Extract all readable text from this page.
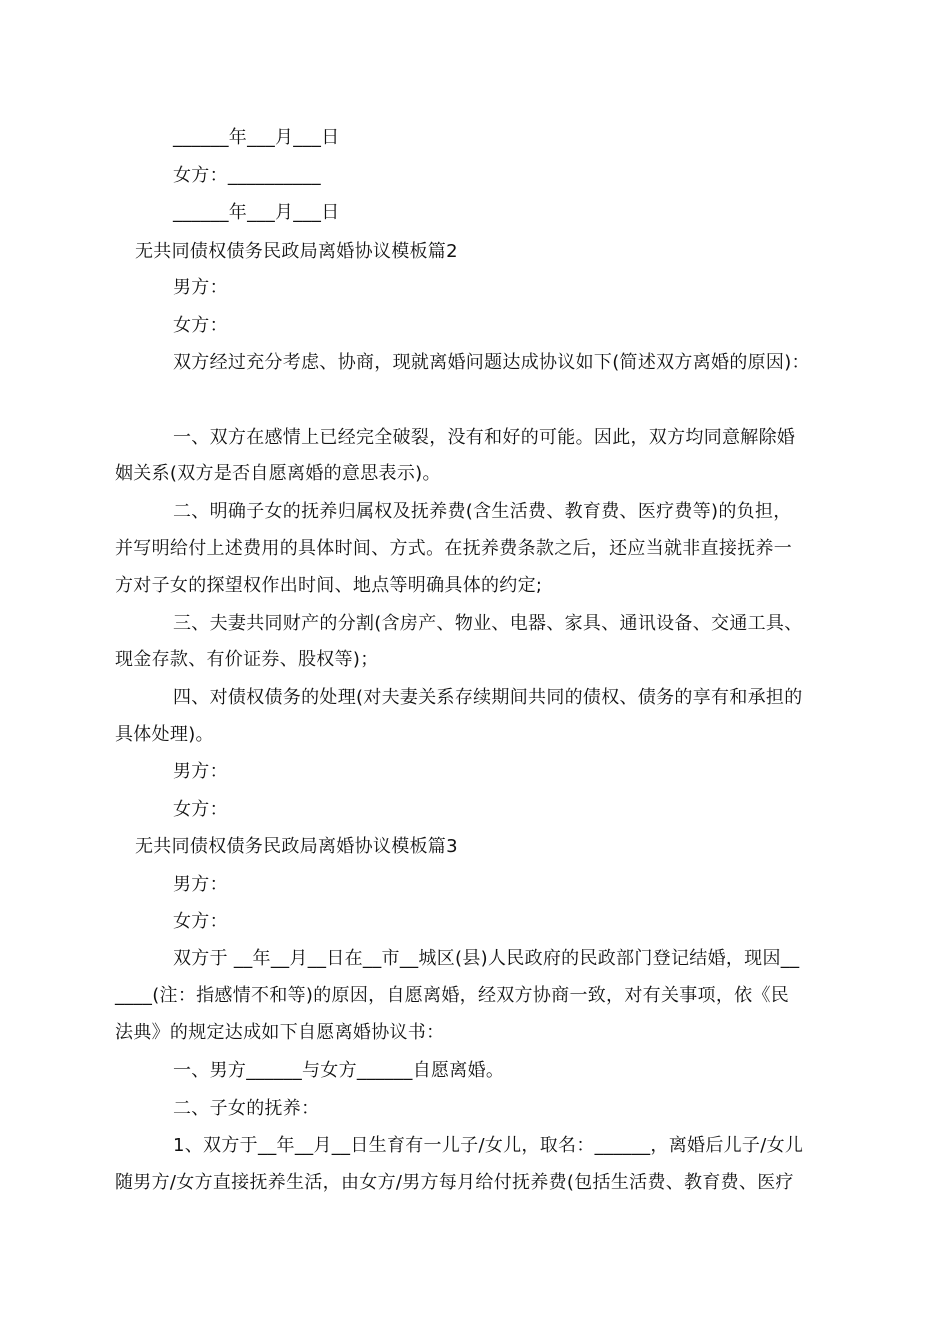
______年___月___日
女方：__________
______年___月___日
无共同债权债务民政局离婚协议模板篇2
男方：
女方：
双方经过充分考虑、协商，现就离婚问题达成协议如下(简述双方离婚的原因)：
一、双方在感情上已经完全破裂，没有和好的可能。因此，双方均同意解除婚
姻关系(双方是否自愿离婚的意思表示)。
二、明确子女的抚养归属权及抚养费(含生活费、教育费、医疗费等)的负担，
并写明给付上述费用的具体时间、方式。在抚养费条款之后，还应当就非直接抚养一
方对子女的探望权作出时间、地点等明确具体的约定;
三、夫妻共同财产的分割(含房产、物业、电器、家具、通讯设备、交通工具、
现金存款、有价证券、股权等)；
四、对债权债务的处理(对夫妻关系存续期间共同的债权、债务的享有和承担的
具体处理)。
男方：
女方：
无共同债权债务民政局离婚协议模板篇3
男方：
女方：
双方于 __年__月__日在__市__城区(县)人民政府的民政部门登记结婚，现因__
____(注：指感情不和等)的原因，自愿离婚，经双方协商一致，对有关事项，依《民
法典》的规定达成如下自愿离婚协议书：
一、男方______与女方______自愿离婚。
二、子女的抚养：
1、双方于__年__月__日生育有一儿子/女儿，取名：______，离婚后儿子/女儿
随男方/女方直接抚养生活，由女方/男方每月给付抚养费(包括生活费、教育费、医疗
